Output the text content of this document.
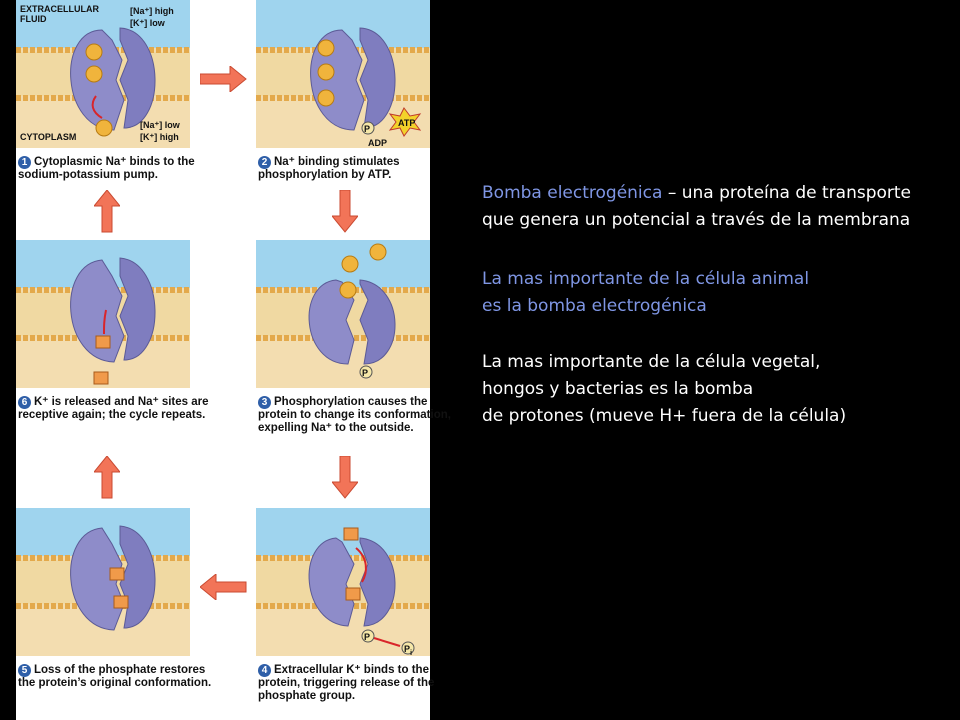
EXTRACELLULAR
FLUID
[Na⁺] high
[K⁺] low
CYTOPLASM
[Na⁺] low
[K⁺] high
1 Cytoplasmic Na⁺ binds to the sodium-potassium pump.
P
ATP
ADP
2 Na⁺ binding stimulates phosphorylation by ATP.
6 K⁺ is released and Na⁺ sites are receptive again; the cycle repeats.
P
3 Phosphorylation causes the protein to change its conformation, expelling Na⁺ to the outside.
5 Loss of the phosphate restores the protein’s original conformation.
P
$P_i$
4 Extracellular K⁺ binds to the protein, triggering release of the phosphate group.

Bomba electrogénica – una proteína de transporte que genera un potencial a través de la membrana

La mas importante de la célula animal
es la bomba electrogénica

La mas importante de la célula vegetal,
hongos y bacterias es la bomba
de protones (mueve H+ fuera de la célula)
